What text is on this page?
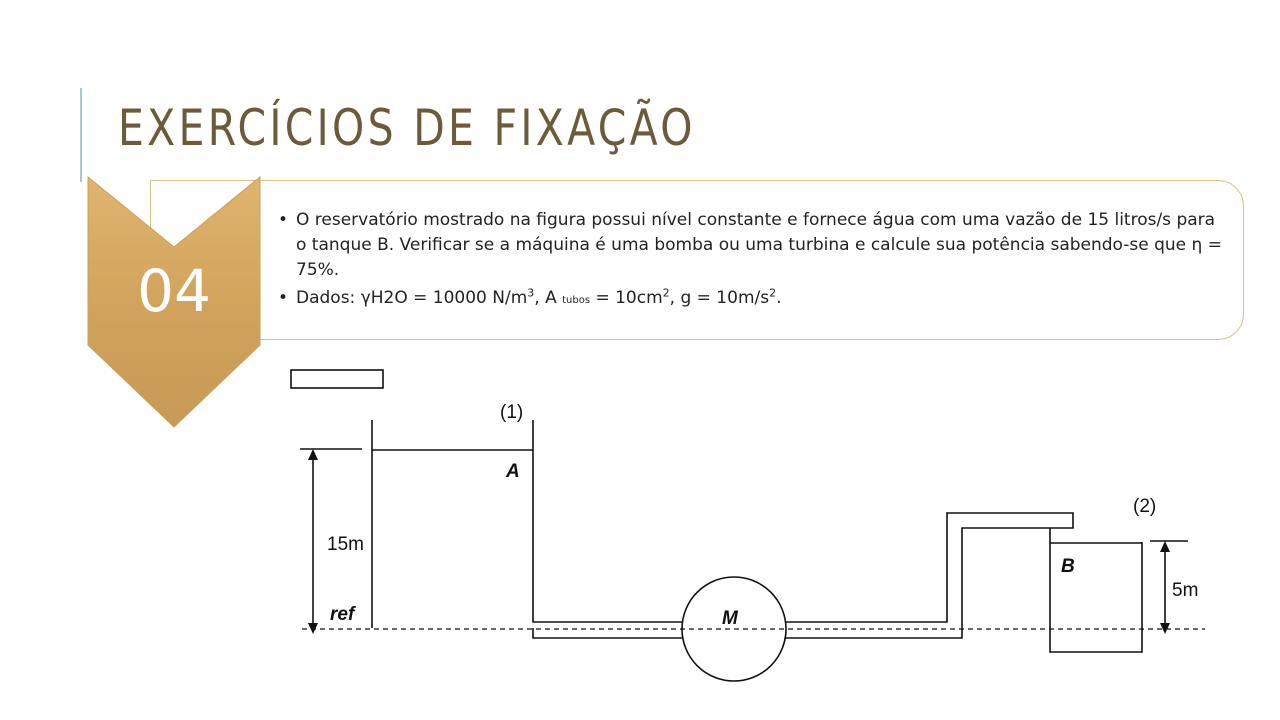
EXERCÍCIOS DE FIXAÇÃO
04
• O reservatório mostrado na figura possui nível constante e fornece água com uma vazão de 15 litros/s para o tanque B. Verificar se a máquina é uma bomba ou uma turbina e calcule sua potência sabendo-se que η = 75%.
• Dados: γH2O = 10000 $N/m^3$, A tubos = $10cm^2$, $g = 10m/s^2$.
(1)
(2)
A
B
15m
5m
ref	M
